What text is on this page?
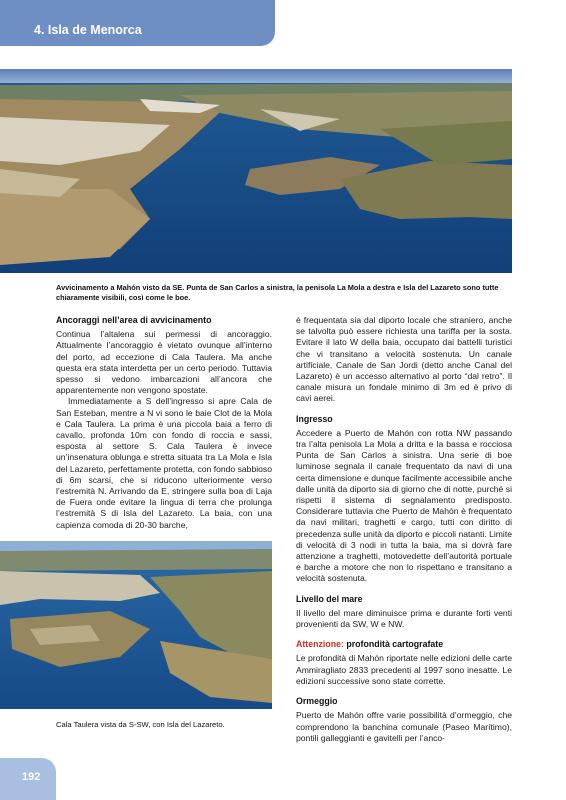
4. Isla de Menorca
Avvicinamento a Mahón visto da SE. Punta de San Carlos a sinistra, la penisola La Mola a destra e Isla del Lazareto sono tutte chiaramente visibili, così come le boe.
Ancoraggi nell’area di avvicinamento

Continua l’altalena sui permessi di ancoraggio. Attualmente l’ancoraggio è vietato ovunque all’interno del porto, ad eccezione di Cala Taulera. Ma anche questa era stata interdetta per un certo periodo. Tuttavia spesso si vedono imbarcazioni all’ancora che apparentemente non vengono spostate.

Immediatamente a S dell’ingresso si apre Cala de San Esteban, mentre a N vi sono le baie Clot de la Mola e Cala Taulera. La prima è una piccola baia a ferro di cavallo, profonda 10m con fondo di roccia e sassi, esposta al settore S. Cala Taulera è invece un’insenatura oblunga e stretta situata tra La Mola e Isla del Lazareto, perfettamente protetta, con fondo sabbioso di 6m scarsi, che si riducono ulteriormente verso l’estremità N. Arrivando da E, stringere sulla boa di Laja de Fuera onde evitare la lingua di terra che prolunga l’estremità S di Isla del Lazareto. La baia, con una capienza comoda di 20-30 barche,

Cala Taulera vista da S-SW, con Isla del Lazareto.

è frequentata sia dal diporto locale che straniero, anche se talvolta può essere richiesta una tariffa per la sosta. Evitare il lato W della baia, occupato dai battelli turistici che vi transitano a velocità sostenuta. Un canale artificiale, Canale de San Jordi (detto anche Canal del Lazareto) è un accesso alternativo al porto “dal retro”. Il canale misura un fondale minimo di 3m ed è privo di cavi aerei.

Ingresso

Accedere a Puerto de Mahón con rotta NW passando tra l’alta penisola La Mola a dritta e la bassa e rocciosa Punta de San Carlos a sinistra. Una serie di boe luminose segnala il canale frequentato da navi di una certa dimensione e dunque facilmente accessibile anche dalle unità da diporto sia di giorno che di notte, purché si rispetti il sistema di segnalamento predisposto. Considerare tuttavia che Puerto de Mahón è frequentato da navi militari, traghetti e cargo, tutti con diritto di precedenza sulle unità da diporto e piccoli natanti. Limite di velocità di 3 nodi in tutta la baia, ma si dovrà fare attenzione a traghetti, motovedette dell’autorità portuale e barche a motore che non lo rispettano e transitano a velocità sostenuta.

Livello del mare

Il livello del mare diminuisce prima e durante forti venti provenienti da SW, W e NW.

Attenzione: profondità cartografate

Le profondità di Mahón riportate nelle edizioni delle carte Ammiragliato 2833 precedenti al 1997 sono inesatte. Le edizioni successive sono state corrette.

Ormeggio

Puerto de Mahón offre varie possibilità d’ormeggio, che comprendono la banchina comunale (Paseo Marítimo), pontili galleggianti e gavitelli per l’anco-

192
